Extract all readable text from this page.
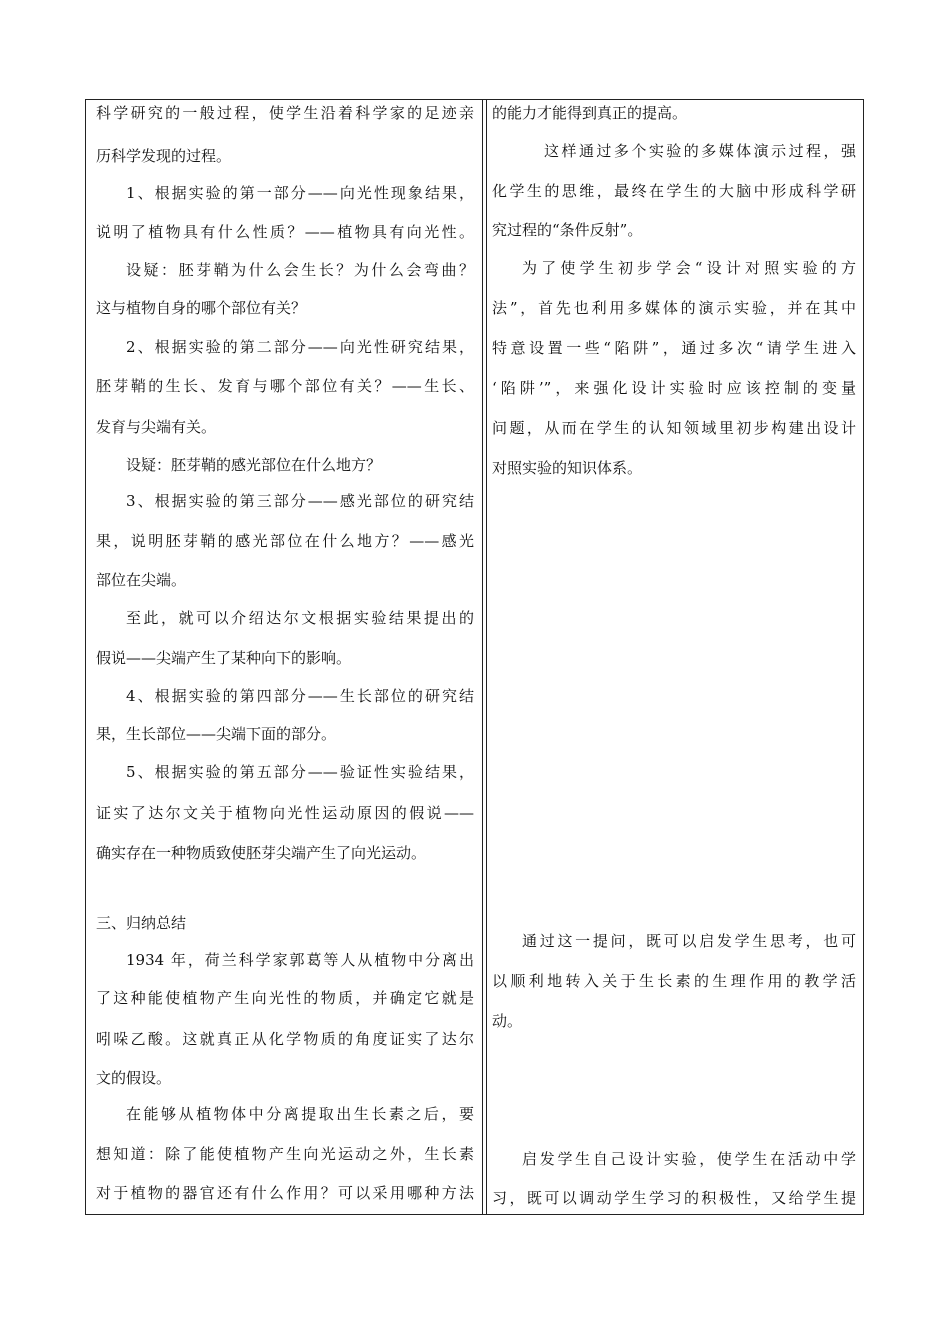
科学研究的一般过程，使学生沿着科学家的足迹亲
历科学发现的过程。
1、根据实验的第一部分——向光性现象结果，
说明了植物具有什么性质？——植物具有向光性。
设疑：胚芽鞘为什么会生长？为什么会弯曲？
这与植物自身的哪个部位有关？
2、根据实验的第二部分——向光性研究结果，
胚芽鞘的生长、发育与哪个部位有关？——生长、
发育与尖端有关。
设疑：胚芽鞘的感光部位在什么地方？
3、根据实验的第三部分——感光部位的研究结
果，说明胚芽鞘的感光部位在什么地方？——感光
部位在尖端。
至此，就可以介绍达尔文根据实验结果提出的
假说——尖端产生了某种向下的影响。
4、根据实验的第四部分——生长部位的研究结
果，生长部位——尖端下面的部分。
5、根据实验的第五部分——验证性实验结果，
证实了达尔文关于植物向光性运动原因的假说——
确实存在一种物质致使胚芽尖端产生了向光运动。
三、归纳总结
1934 年，荷兰科学家郭葛等人从植物中分离出
了这种能使植物产生向光性的物质，并确定它就是
吲哚乙酸。这就真正从化学物质的角度证实了达尔
文的假设。
在能够从植物体中分离提取出生长素之后，要
想知道：除了能使植物产生向光运动之外，生长素
对于植物的器官还有什么作用？可以采用哪种方法
的能力才能得到真正的提高。
这样通过多个实验的多媒体演示过程，强
化学生的思维，最终在学生的大脑中形成科学研
究过程的“条件反射”。
为了使学生初步学会“设计对照实验的方
法”，首先也利用多媒体的演示实验，并在其中
特意设置一些“陷阱”，通过多次“请学生进入
‘陷阱’”，来强化设计实验时应该控制的变量
问题，从而在学生的认知领域里初步构建出设计
对照实验的知识体系。
通过这一提问，既可以启发学生思考，也可
以顺利地转入关于生长素的生理作用的教学活
动。
启发学生自己设计实验，使学生在活动中学
习，既可以调动学生学习的积极性，又给学生提
